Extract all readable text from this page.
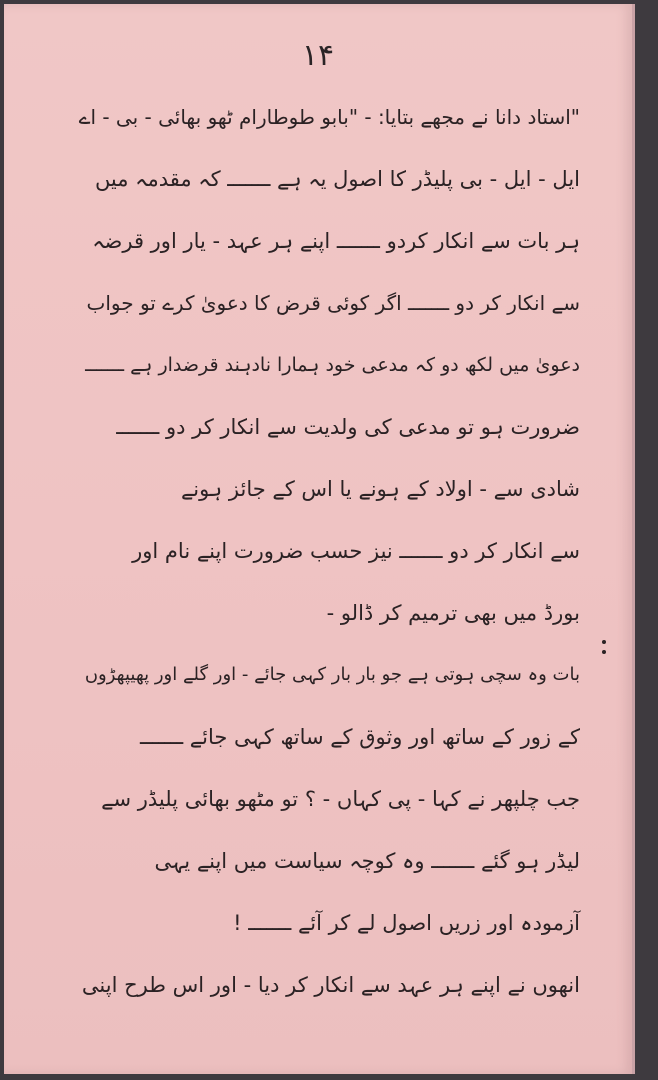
۱۴
"استاد دانا نے مجھے بتایا: - "بابو طوطارام ٹھو بھائی - بی - اے
ایل - ایل - بی پلیڈر کا اصول یہ ہے ـــــــ کہ مقدمہ میں
ہر بات سے انکار کردو ـــــــ اپنے ہر عہد - یار اور قرضہ
سے انکار کر دو ـــــــ اگر کوئی قرض کا دعویٰ کرے تو جواب
دعویٰ میں لکھ دو کہ مدعی خود ہمارا نادہند قرضدار ہے ـــــــ
ضرورت ہو تو مدعی کی ولدیت سے انکار کر دو ـــــــ
شادی سے - اولاد کے ہونے یا اس کے جائز ہونے
سے انکار کر دو ـــــــ نیز حسب ضرورت اپنے نام اور
بورڈ میں بھی ترمیم کر ڈالو -
بات وہ سچی ہوتی ہے جو بار بار کہی جائے - اور گلے اور پھیپھڑوں
کے زور کے ساتھ اور وثوق کے ساتھ کہی جائے ـــــــ
جب چلپھر نے کہا - پی کہاں - ؟ تو مٹھو بھائی پلیڈر سے
لیڈر ہو گئے ـــــــ وہ کوچہ سیاست میں اپنے یہی
آزمودہ اور زریں اصول لے کر آئے ـــــــ !
انھوں نے اپنے ہر عہد سے انکار کر دیا - اور اس طرح اپنی
